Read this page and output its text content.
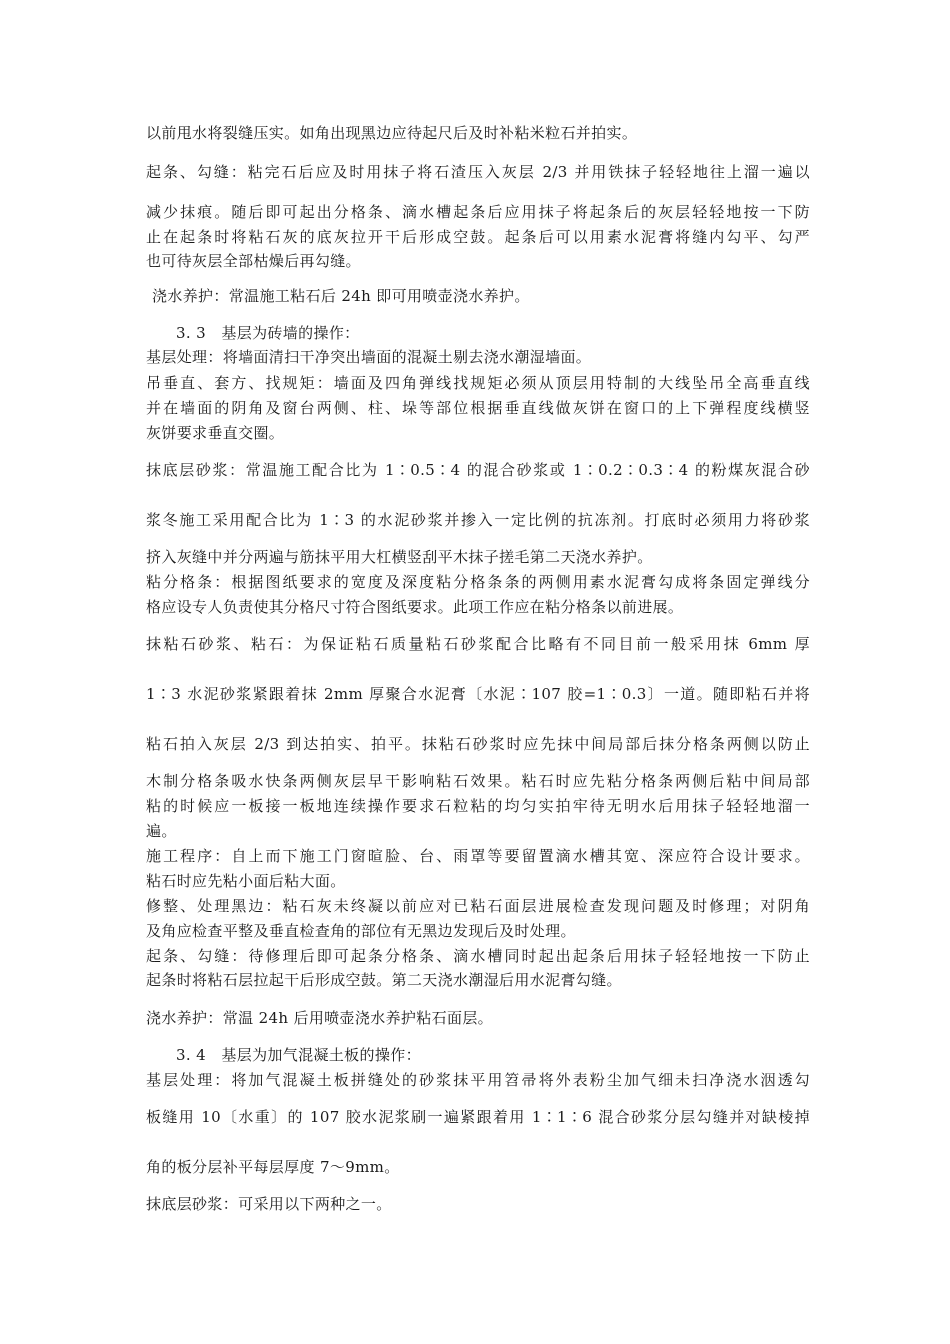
以前甩水将裂缝压实。如角出现黑边应待起尺后及时补粘米粒石并拍实。
起条、勾缝：粘完石后应及时用抹子将石渣压入灰层 2/3 并用铁抹子轻轻地往上溜一遍以
减少抹痕。随后即可起出分格条、滴水槽起条后应用抹子将起条后的灰层轻轻地按一下防
止在起条时将粘石灰的底灰拉开干后形成空鼓。起条后可以用素水泥膏将缝内勾平、勾严
也可待灰层全部枯燥后再勾缝。
浇水养护：常温施工粘石后 24h 即可用喷壶浇水养护。
3. 3　基层为砖墙的操作：
基层处理：将墙面清扫干净突出墙面的混凝土剔去浇水潮湿墙面。
吊垂直、套方、找规矩：墙面及四角弹线找规矩必须从顶层用特制的大线坠吊全高垂直线
并在墙面的阴角及窗台两侧、柱、垛等部位根据垂直线做灰饼在窗口的上下弹程度线横竖
灰饼要求垂直交圈。
抹底层砂浆：常温施工配合比为 1∶0.5∶4 的混合砂浆或 1∶0.2∶0.3∶4 的粉煤灰混合砂
浆冬施工采用配合比为 1∶3 的水泥砂浆并掺入一定比例的抗冻剂。打底时必须用力将砂浆
挤入灰缝中并分两遍与筋抹平用大杠横竖刮平木抹子搓毛第二天浇水养护。
粘分格条：根据图纸要求的宽度及深度粘分格条条的两侧用素水泥膏勾成将条固定弹线分
格应设专人负责使其分格尺寸符合图纸要求。此项工作应在粘分格条以前进展。
抹粘石砂浆、粘石：为保证粘石质量粘石砂浆配合比略有不同目前一般采用抹 6mm 厚
1∶3 水泥砂浆紧跟着抹 2mm 厚聚合水泥膏〔水泥∶107 胶=1∶0.3〕一道。随即粘石并将
粘石拍入灰层 2/3 到达拍实、拍平。抹粘石砂浆时应先抹中间局部后抹分格条两侧以防止
木制分格条吸水快条两侧灰层早干影响粘石效果。粘石时应先粘分格条两侧后粘中间局部
粘的时候应一板接一板地连续操作要求石粒粘的均匀实拍牢待无明水后用抹子轻轻地溜一
遍。
施工程序：自上而下施工门窗暄脸、台、雨罩等要留置滴水槽其宽、深应符合设计要求。
粘石时应先粘小面后粘大面。
修整、处理黑边：粘石灰未终凝以前应对已粘石面层进展检查发现问题及时修理；对阴角
及角应检查平整及垂直检查角的部位有无黑边发现后及时处理。
起条、勾缝：待修理后即可起条分格条、滴水槽同时起出起条后用抹子轻轻地按一下防止
起条时将粘石层拉起干后形成空鼓。第二天浇水潮湿后用水泥膏勾缝。
浇水养护：常温 24h 后用喷壶浇水养护粘石面层。
3. 4　基层为加气混凝土板的操作：
基层处理：将加气混凝土板拼缝处的砂浆抹平用笤帚将外表粉尘加气细未扫净浇水洇透勾
板缝用 10〔水重〕的 107 胶水泥浆刷一遍紧跟着用 1∶1∶6 混合砂浆分层勾缝并对缺棱掉
角的板分层补平每层厚度 7～9mm。
抹底层砂浆：可采用以下两种之一。
